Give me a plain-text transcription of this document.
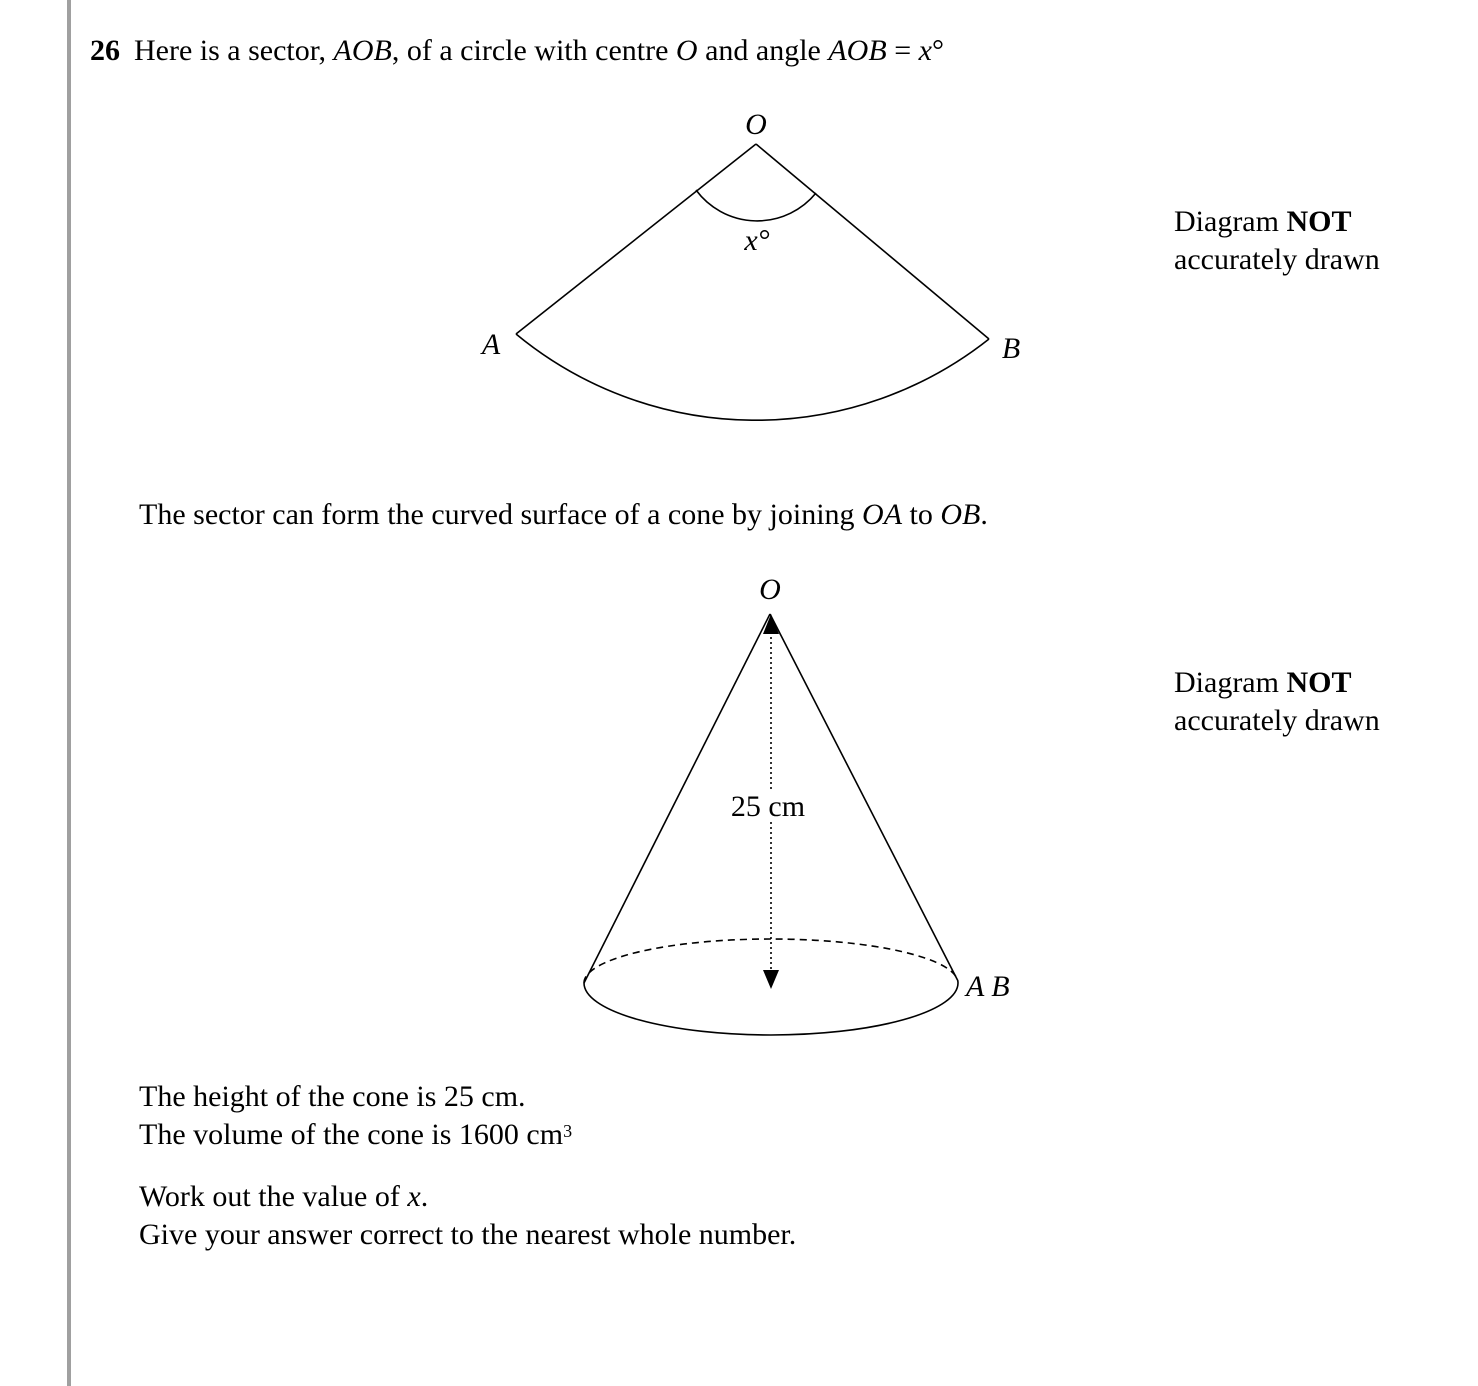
26 Here is a sector, AOB, of a circle with centre O and angle AOB = x°
O
A	B
x°
O
A B
25 cm
Diagram NOT
accurately drawn
Diagram NOT
accurately drawn
The sector can form the curved surface of a cone by joining OA to OB.
The height of the cone is 25 cm.
The volume of the cone is 1600 $cm^3$
Work out the value of x.
Give your answer correct to the nearest whole number.
